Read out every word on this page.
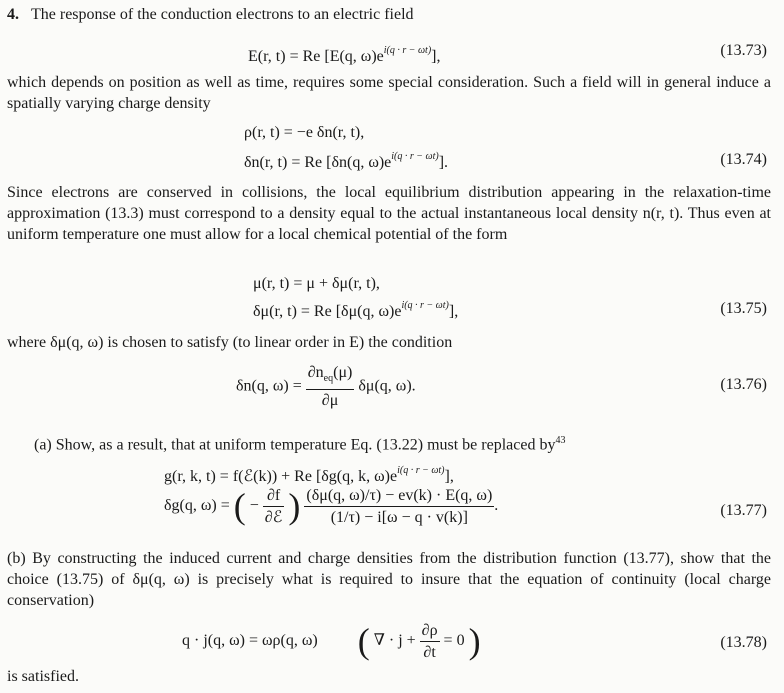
4. The response of the conduction electrons to an electric field
E(r, t) = Re [E(q, $\omega)e^{i(q \cdot r - \omega t)}$],	(13.73)
which depends on position as well as time, requires some special consideration. Such a field will in general induce a spatially varying charge density
ρ(r, t) = −e δn(r, t),
δn(r, t) = Re [δn(q, $\omega)e^{i(q \cdot r - \omega t)}$].	(13.74)
Since electrons are conserved in collisions, the local equilibrium distribution appearing in the relaxation-time approximation (13.3) must correspond to a density equal to the actual instantaneous local density n(r, t). Thus even at uniform temperature one must allow for a local chemical potential of the form
μ(r, t) = μ + δμ(r, t),
δμ(r, t) = Re [δμ(q, $\omega)e^{i(q \cdot r - \omega t)}$],	(13.75)
where δμ(q, ω) is chosen to satisfy (to linear order in E) the condition
δn(q, $\omega) = \frac{\partial n_{eq}(\mu)}{\partial\mu} \delta\mu(q$, ω).	(13.76)
(a) Show, as a result, that at uniform temperature Eq. (13.22) must be replaced $by^{43}$
g(r, k, t) = f(ℰ(k)) + Re [δg(q, k, $\omega)e^{i(q \cdot r - \omega t)}$],
δg(q, ω) = ( − $\frac{\partial f}{\text{∂ℰ}}$ ) $\frac{(\delta\mu(q, \omega)/\tau) - ev(k) \cdot E(q, \omega)}{(1/\tau) - i[\omega - q \cdot v(k)]}$ .	(13.77)
(b) By constructing the induced current and charge densities from the distribution function (13.77), show that the choice (13.75) of δμ(q, ω) is precisely what is required to insure that the equation of continuity (local charge conservation)
q · j(q, ω) = ωρ(q, ω) ( ∇ · $j + \frac{\partial\rho}{\partial t} = 0$ )	(13.78)
is satisfied.
